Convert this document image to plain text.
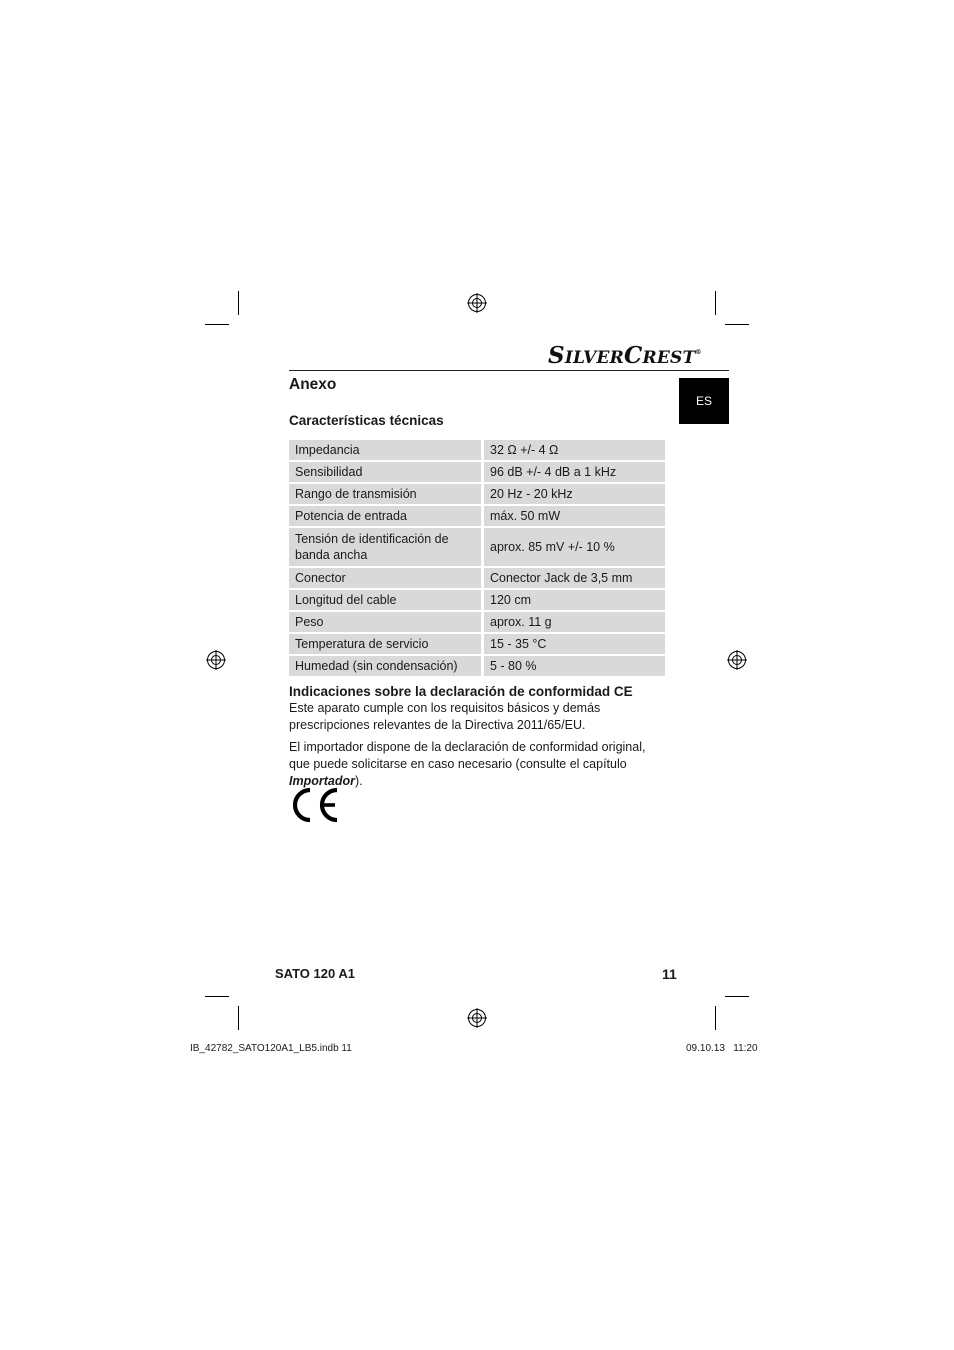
SILVERCREST®
ES
Anexo
Características técnicas
Impedancia	32 Ω +/- 4 Ω
Sensibilidad	96 dB +/- 4 dB a 1 kHz
Rango de transmisión	20 Hz - 20 kHz
Potencia de entrada	máx. 50 mW
Tensión de identificación de banda ancha	aprox. 85 mV +/- 10 %
Conector	Conector Jack de 3,5 mm
Longitud del cable	120 cm
Peso	aprox. 11 g
Temperatura de servicio	15 - 35 °C
Humedad (sin condensación)	5 - 80 %
Indicaciones sobre la declaración de conformidad CE

Este aparato cumple con los requisitos básicos y demás prescripciones relevantes de la Directiva 2011/65/EU.

El importador dispone de la declaración de conformidad original, que puede solicitarse en caso necesario (consulte el capítulo Importador).

SATO 120 A1	11
IB_42782_SATO120A1_LB5.indb 11	09.10.13   11:20
